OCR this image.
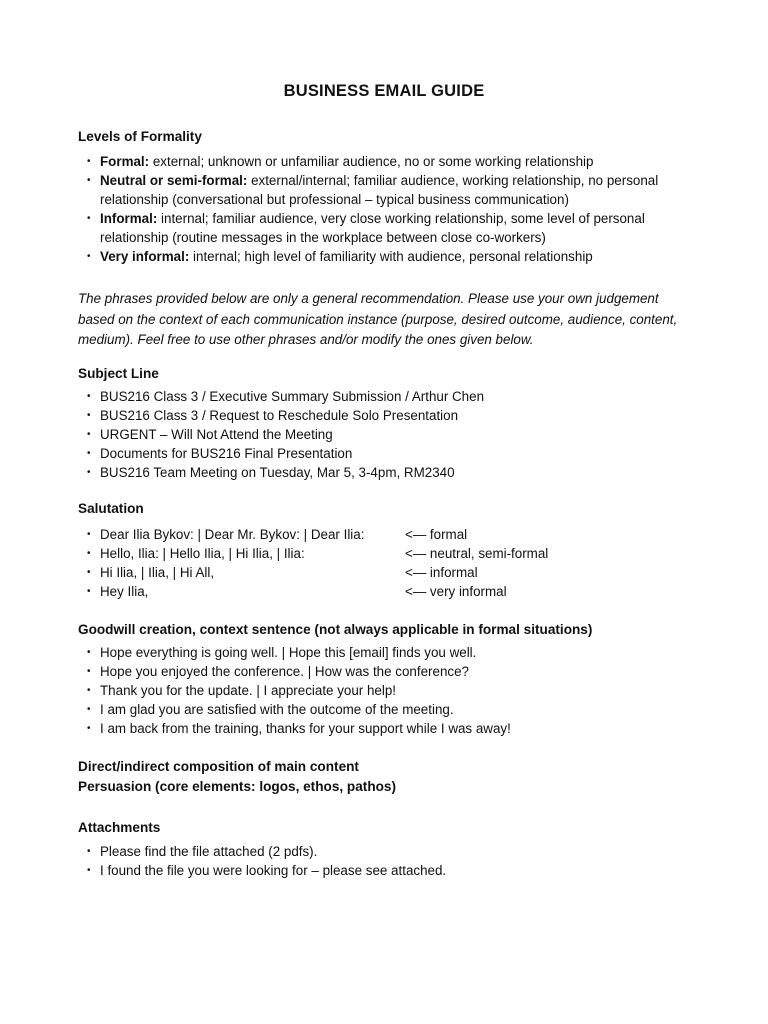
BUSINESS EMAIL GUIDE
Levels of Formality
• Formal: external; unknown or unfamiliar audience, no or some working relationship
• Neutral or semi-formal: external/internal; familiar audience, working relationship, no personal relationship (conversational but professional – typical business communication)
• Informal: internal; familiar audience, very close working relationship, some level of personal relationship (routine messages in the workplace between close co-workers)
• Very informal: internal; high level of familiarity with audience, personal relationship
The phrases provided below are only a general recommendation. Please use your own judgement based on the context of each communication instance (purpose, desired outcome, audience, content, medium). Feel free to use other phrases and/or modify the ones given below.
Subject Line
• BUS216 Class 3 / Executive Summary Submission / Arthur Chen
• BUS216 Class 3 / Request to Reschedule Solo Presentation
• URGENT – Will Not Attend the Meeting
• Documents for BUS216 Final Presentation
• BUS216 Team Meeting on Tuesday, Mar 5, 3-4pm, RM2340
Salutation
• Dear Ilia Bykov: | Dear Mr. Bykov: | Dear Ilia:	<— formal
• Hello, Ilia: | Hello Ilia, | Hi Ilia, | Ilia:	<— neutral, semi-formal
• Hi Ilia, | Ilia, | Hi All,	<— informal
• Hey Ilia,	<— very informal
Goodwill creation, context sentence (not always applicable in formal situations)
• Hope everything is going well. | Hope this [email] finds you well.
• Hope you enjoyed the conference. | How was the conference?
• Thank you for the update. | I appreciate your help!
• I am glad you are satisfied with the outcome of the meeting.
• I am back from the training, thanks for your support while I was away!
Direct/indirect composition of main content
Persuasion (core elements: logos, ethos, pathos)
Attachments
• Please find the file attached (2 pdfs).
• I found the file you were looking for – please see attached.
